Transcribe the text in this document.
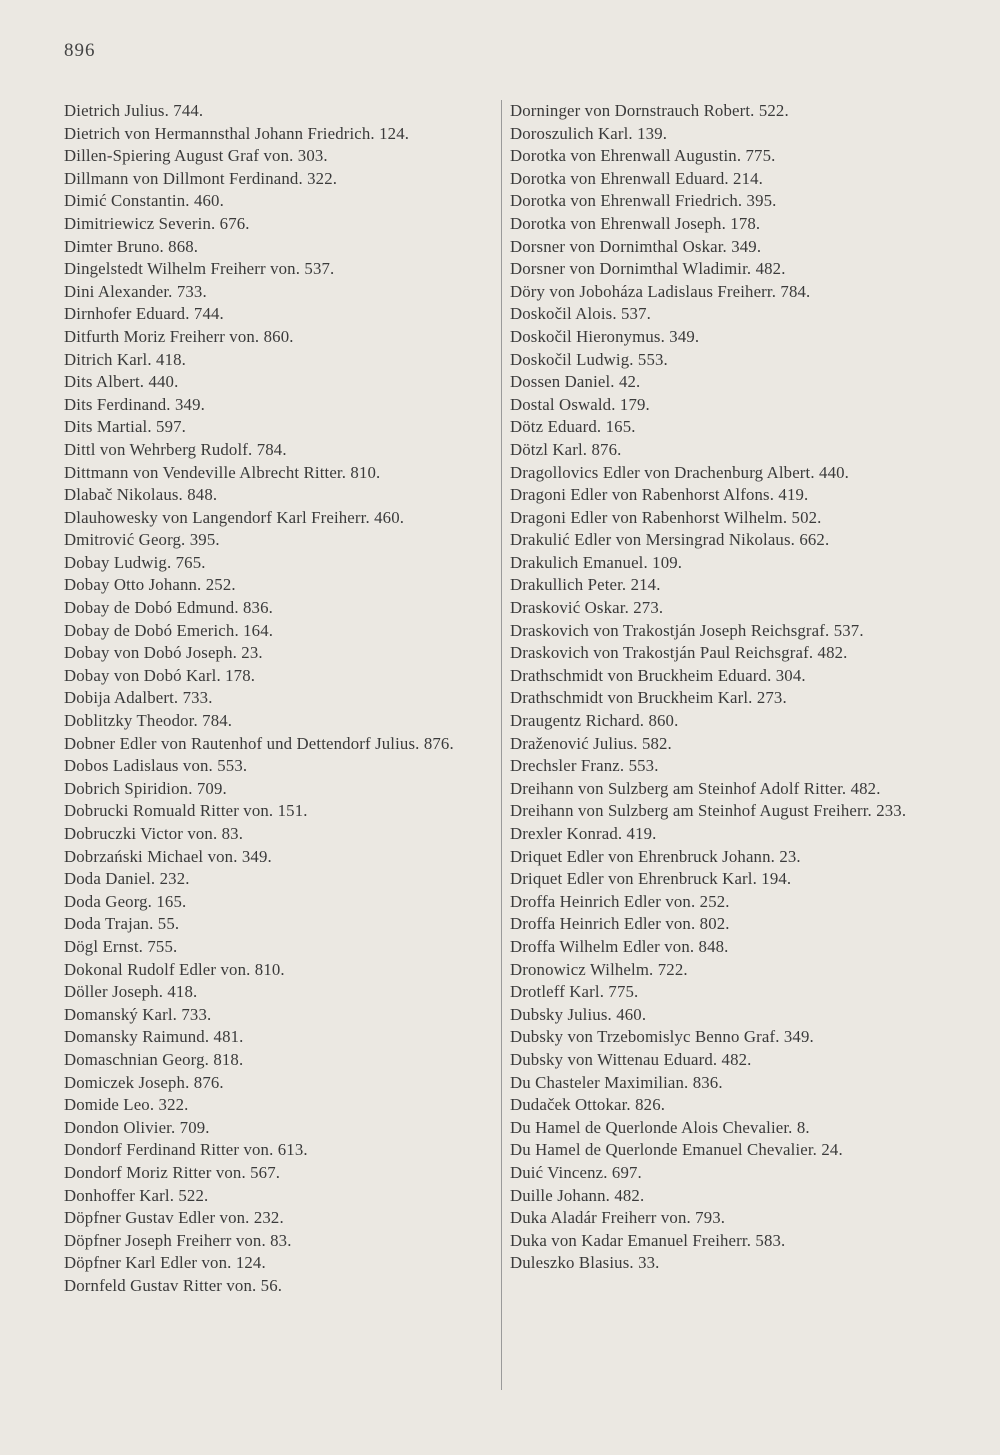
896

Dietrich Julius. 744.

Dietrich von Hermannsthal Johann Friedrich. 124.

Dillen-Spiering August Graf von. 303.

Dillmann von Dillmont Ferdinand. 322.

Dimić Constantin. 460.

Dimitriewicz Severin. 676.

Dimter Bruno. 868.

Dingelstedt Wilhelm Freiherr von. 537.

Dini Alexander. 733.

Dirnhofer Eduard. 744.

Ditfurth Moriz Freiherr von. 860.

Ditrich Karl. 418.

Dits Albert. 440.

Dits Ferdinand. 349.

Dits Martial. 597.

Dittl von Wehrberg Rudolf. 784.

Dittmann von Vendeville Albrecht Ritter. 810.

Dlabač Nikolaus. 848.

Dlauhowesky von Langendorf Karl Freiherr. 460.

Dmitrović Georg. 395.

Dobay Ludwig. 765.

Dobay Otto Johann. 252.

Dobay de Dobó Edmund. 836.

Dobay de Dobó Emerich. 164.

Dobay von Dobó Joseph. 23.

Dobay von Dobó Karl. 178.

Dobija Adalbert. 733.

Doblitzky Theodor. 784.

Dobner Edler von Rautenhof und Dettendorf Julius. 876.

Dobos Ladislaus von. 553.

Dobrich Spiridion. 709.

Dobrucki Romuald Ritter von. 151.

Dobruczki Victor von. 83.

Dobrzański Michael von. 349.

Doda Daniel. 232.

Doda Georg. 165.

Doda Trajan. 55.

Dögl Ernst. 755.

Dokonal Rudolf Edler von. 810.

Döller Joseph. 418.

Domanský Karl. 733.

Domansky Raimund. 481.

Domaschnian Georg. 818.

Domiczek Joseph. 876.

Domide Leo. 322.

Dondon Olivier. 709.

Dondorf Ferdinand Ritter von. 613.

Dondorf Moriz Ritter von. 567.

Donhoffer Karl. 522.

Döpfner Gustav Edler von. 232.

Döpfner Joseph Freiherr von. 83.

Döpfner Karl Edler von. 124.

Dornfeld Gustav Ritter von. 56.

Dorninger von Dornstrauch Robert. 522.

Doroszulich Karl. 139.

Dorotka von Ehrenwall Augustin. 775.

Dorotka von Ehrenwall Eduard. 214.

Dorotka von Ehrenwall Friedrich. 395.

Dorotka von Ehrenwall Joseph. 178.

Dorsner von Dornimthal Oskar. 349.

Dorsner von Dornimthal Wladimir. 482.

Döry von Joboháza Ladislaus Freiherr. 784.

Doskočil Alois. 537.

Doskočil Hieronymus. 349.

Doskočil Ludwig. 553.

Dossen Daniel. 42.

Dostal Oswald. 179.

Dötz Eduard. 165.

Dötzl Karl. 876.

Dragollovics Edler von Drachenburg Albert. 440.

Dragoni Edler von Rabenhorst Alfons. 419.

Dragoni Edler von Rabenhorst Wilhelm. 502.

Drakulić Edler von Mersingrad Nikolaus. 662.

Drakulich Emanuel. 109.

Drakullich Peter. 214.

Drasković Oskar. 273.

Draskovich von Trakostján Joseph Reichsgraf. 537.

Draskovich von Trakostján Paul Reichsgraf. 482.

Drathschmidt von Bruckheim Eduard. 304.

Drathschmidt von Bruckheim Karl. 273.

Draugentz Richard. 860.

Draženović Julius. 582.

Drechsler Franz. 553.

Dreihann von Sulzberg am Steinhof Adolf Ritter. 482.

Dreihann von Sulzberg am Steinhof August Freiherr. 233.

Drexler Konrad. 419.

Driquet Edler von Ehrenbruck Johann. 23.

Driquet Edler von Ehrenbruck Karl. 194.

Droffa Heinrich Edler von. 252.

Droffa Heinrich Edler von. 802.

Droffa Wilhelm Edler von. 848.

Dronowicz Wilhelm. 722.

Drotleff Karl. 775.

Dubsky Julius. 460.

Dubsky von Trzebomislyc Benno Graf. 349.

Dubsky von Wittenau Eduard. 482.

Du Chasteler Maximilian. 836.

Dudaček Ottokar. 826.

Du Hamel de Querlonde Alois Chevalier. 8.

Du Hamel de Querlonde Emanuel Chevalier. 24.

Duić Vincenz. 697.

Duille Johann. 482.

Duka Aladár Freiherr von. 793.

Duka von Kadar Emanuel Freiherr. 583.

Duleszko Blasius. 33.
